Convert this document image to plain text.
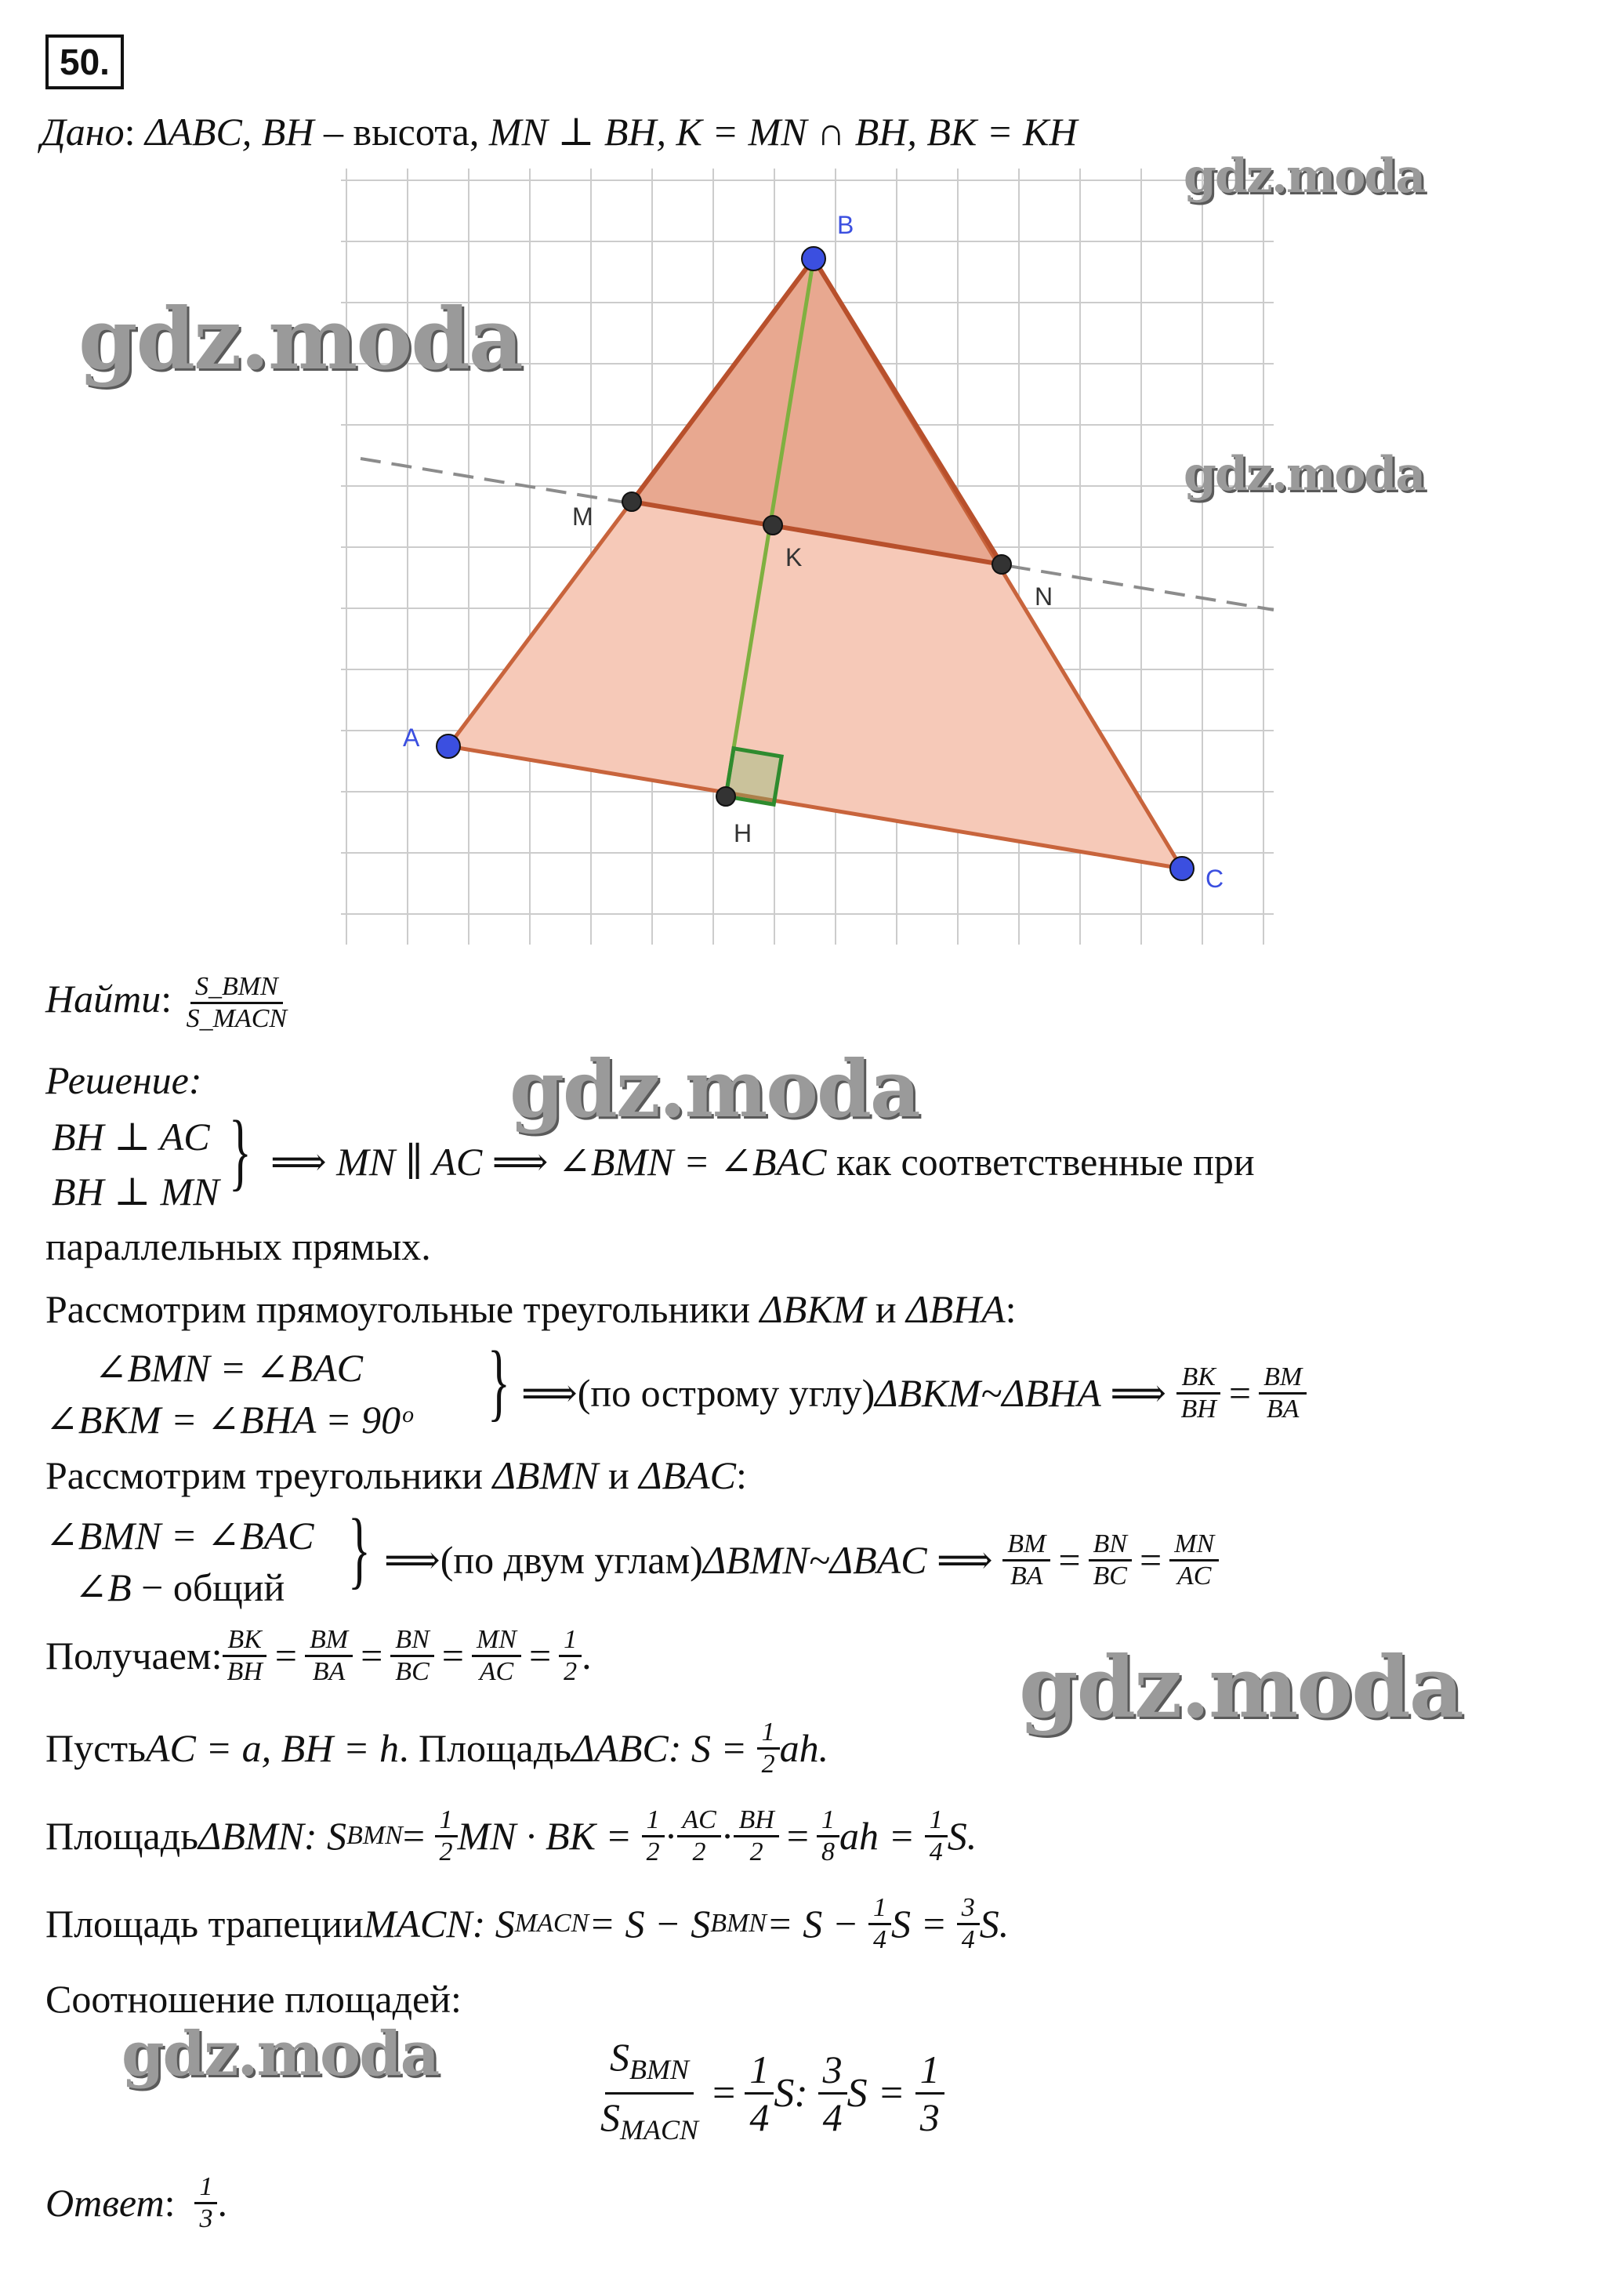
50.
Дано: ΔABC, BH – высота, MN ⊥ BH, K = MN ∩ BH, BK = KH
A
B
C
M
N
K
H
gdz.moda
gdz.moda
gdz.moda
Найти: $\frac{\text{S\_BMN}}{\text{S\_MACN}}$
Решение:	gdz.moda
BH ⊥ AC
BH ⊥ MN } ⟹ MN ∥ AC ⟹ ∠BMN = ∠BAC как соответственные при
параллельных прямых.
Рассмотрим прямоугольные треугольники ΔBKM и ΔBHA:
∠BMN = ∠BAC
∠BKM = ∠BHA = 90ᵒ } ⟹ (по острому углу) ΔBKM~ΔBHA ⟹
$\frac{BK}{BH} = \frac{BM}{BA}$
Рассмотрим треугольники ΔBMN и ΔBAC:
∠BMN = ∠BAC
∠B − общий } ⟹ (по двум углам) ΔBMN~ΔBAC ⟹
$\frac{BM}{BA} = \frac{BN}{BC} = \frac{MN}{AC}$
Получаем: $\frac{BK}{BH} = \frac{BM}{BA} = \frac{BN}{BC} = \frac{MN}{AC} = \frac{1}{2}$ .	gdz.moda
Пусть AC = a, BH = h . Площадь ΔABC: S =
$\frac{1}{2}$ ah.
Площадь ΔBMN: S BMN =
$\frac{1}{2}$ MN · BK =
$\frac{1}{2} \cdot \frac{AC}{2} \cdot \frac{BH}{2} = \frac{1}{8}$ ah =
$\frac{1}{4} S$.
Площадь трапеции MACN: S MACN = S − S BMN = S −
$\frac{1}{4}$ S =
$\frac{3}{4} S$.
Соотношение площадей:
gdz.moda	$\frac{S_{BMN}}{S_{MACN}} = \frac{1}{4} S$:
$\frac{3}{4}$ S =
$\frac{1}{3}$
Ответ :
$\frac{1}{3}$ .
